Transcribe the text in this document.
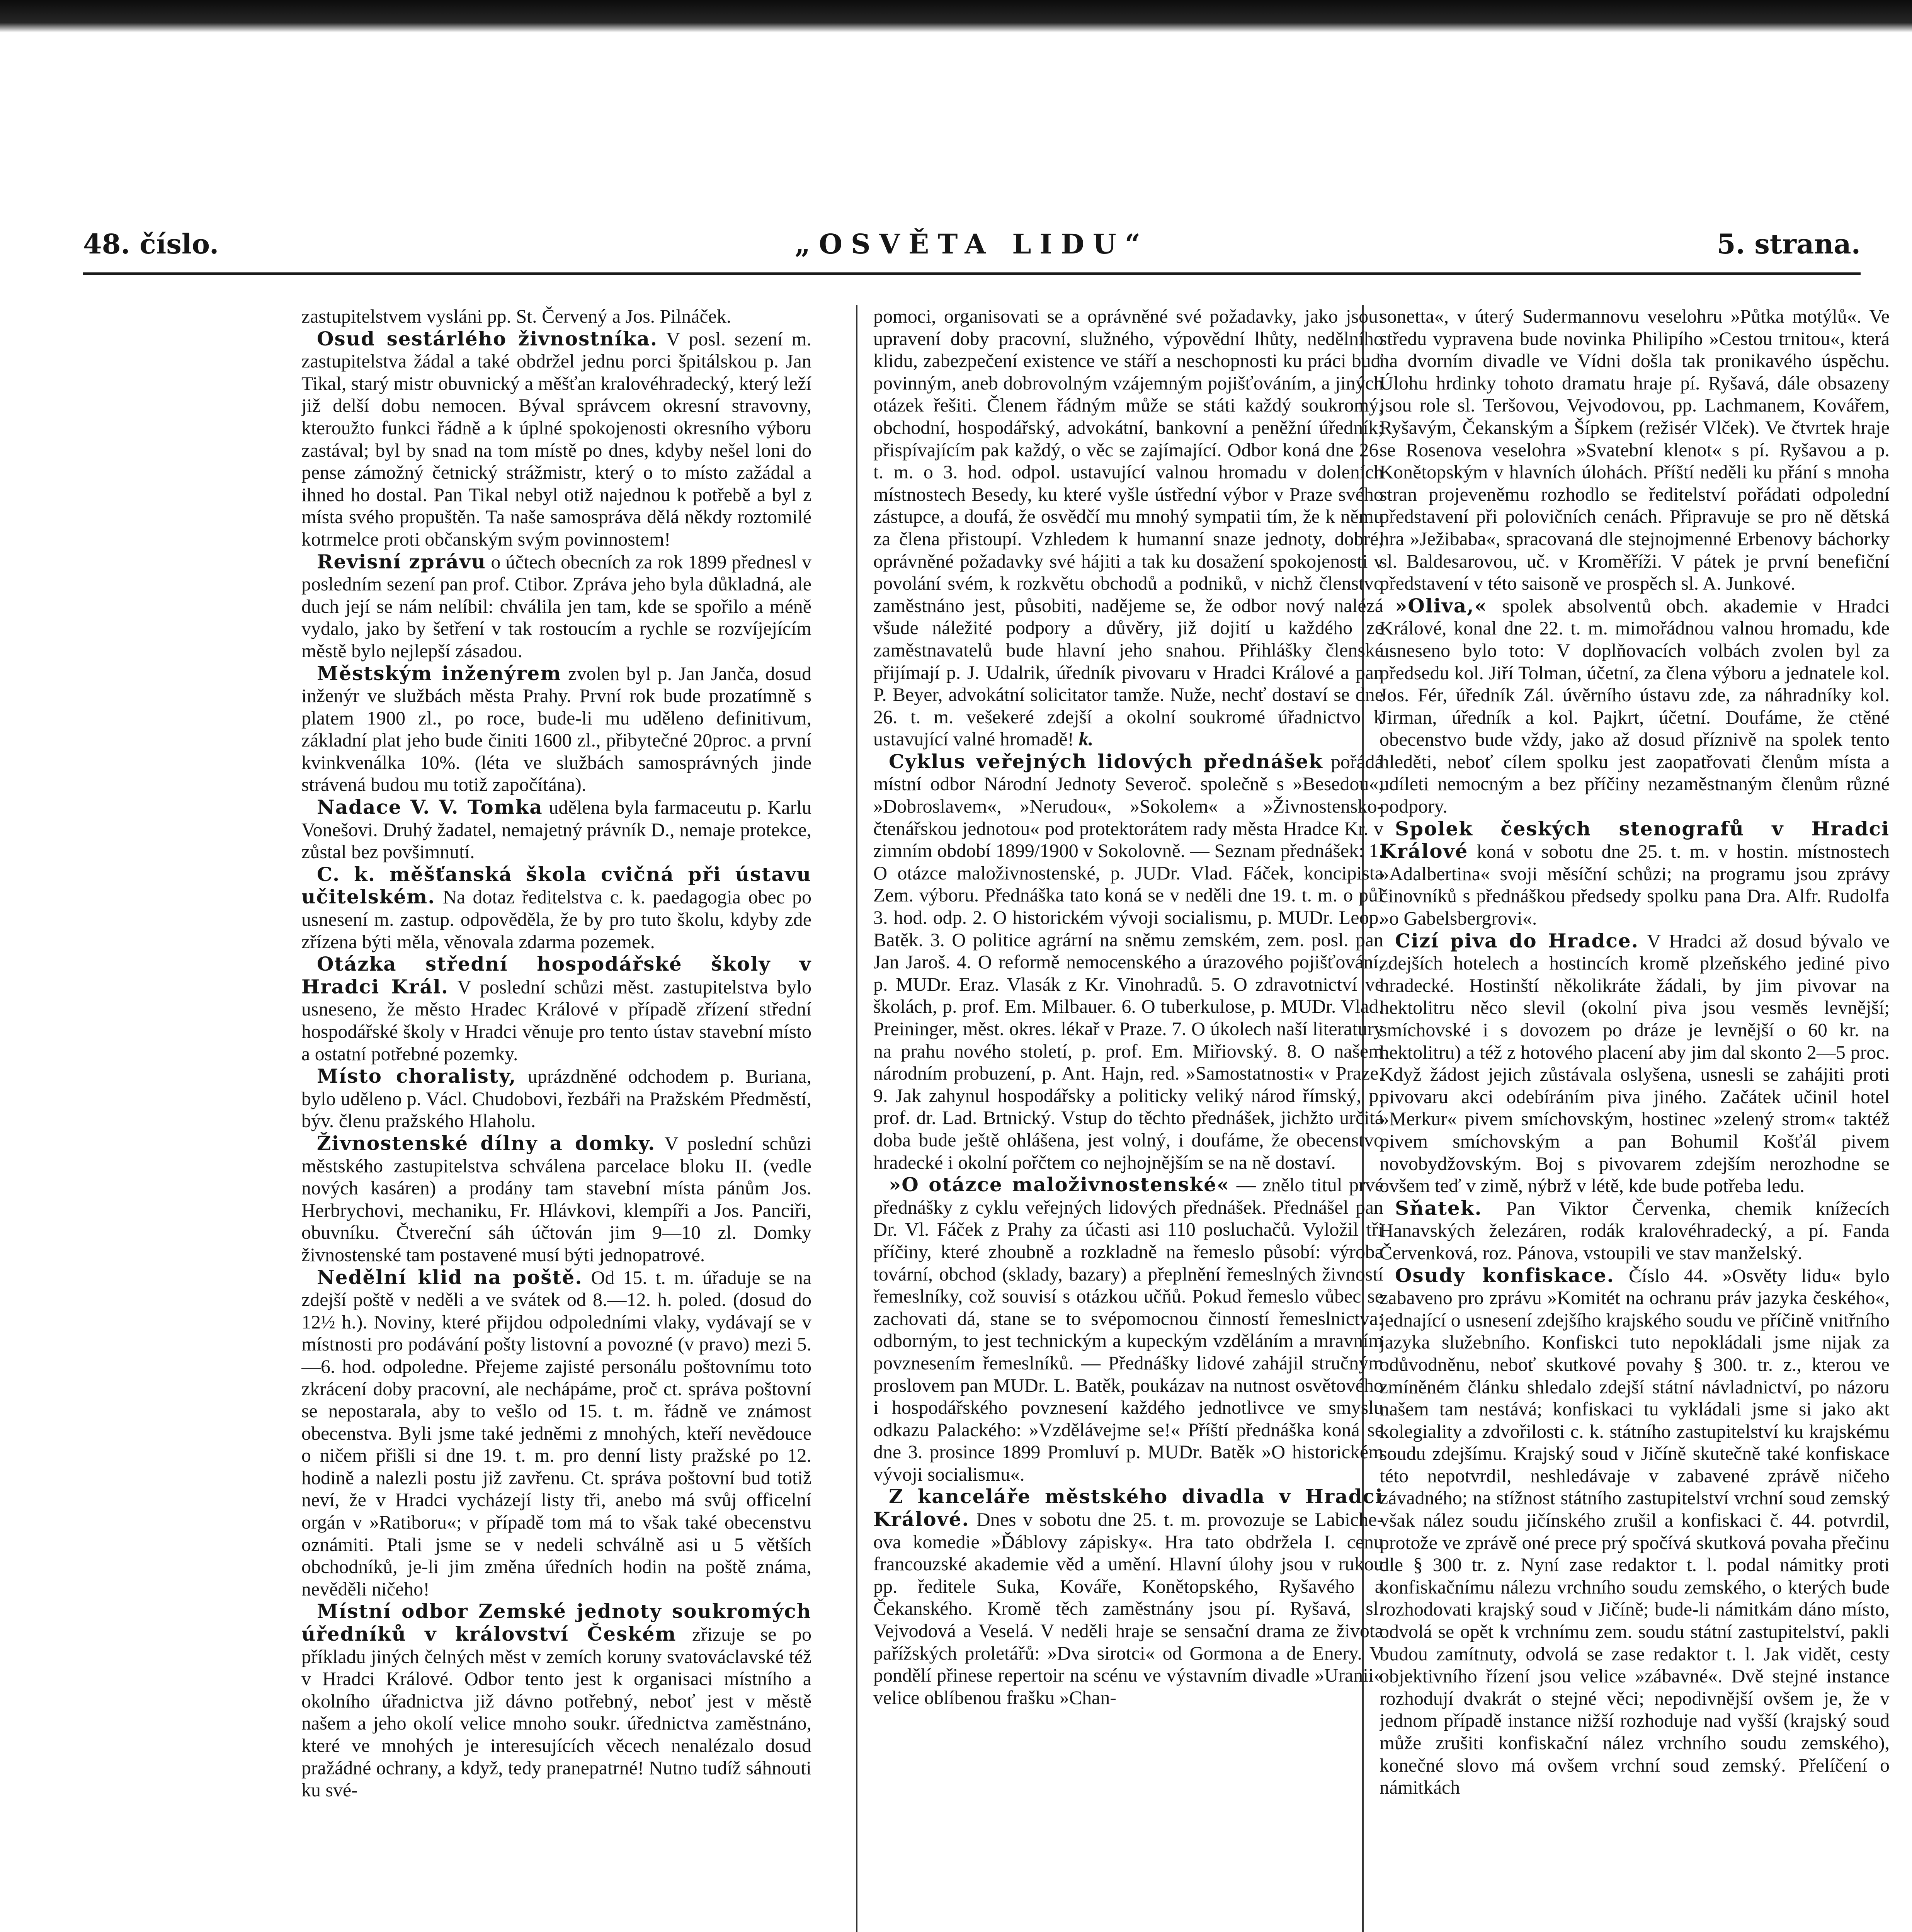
48. číslo.	„OSVĚTA LIDU“	5. strana.

zastupitelstvem vysláni pp. St. Červený a Jos. Pilnáček.

Osud sestárlého živnostníka. V posl. sezení m. zastupitelstva žádal a také obdržel jednu porci špitálskou p. Jan Tikal, starý mistr obuvnický a měšťan kralovéhradecký, který leží již delší dobu nemocen. Býval správcem okresní stravovny, kteroužto funkci řádně a k úplné spokojenosti okresního výboru zastával; byl by snad na tom místě po dnes, kdyby nešel loni do pense zámožný četnický strážmistr, který o to místo zažádal a ihned ho dostal. Pan Tikal nebyl otiž najednou k potřebě a byl z místa svého propuštěn. Ta naše samospráva dělá někdy roztomilé kotrmelce proti občanským svým povinnostem!

Revisní zprávu o účtech obecních za rok 1899 přednesl v posledním sezení pan prof. Ctibor. Zpráva jeho byla důkladná, ale duch její se nám nelíbil: chválila jen tam, kde se spořilo a méně vydalo, jako by šetření v tak rostoucím a rychle se rozvíjejícím městě bylo nejlepší zásadou.

Městským inženýrem zvolen byl p. Jan Janča, dosud inženýr ve službách města Prahy. První rok bude prozatímně s platem 1900 zl., po roce, bude-li mu uděleno definitivum, základní plat jeho bude činiti 1600 zl., přibytečné 20proc. a první kvinkvenálka 10%. (léta ve službách samosprávných jinde strávená budou mu totiž započítána).

Nadace V. V. Tomka udělena byla farmaceutu p. Karlu Vonešovi. Druhý žadatel, nemajetný právník D., nemaje protekce, zůstal bez povšimnutí.

C. k. měšťanská škola cvičná při ústavu učitelském. Na dotaz ředitelstva c. k. paedagogia obec po usnesení m. zastup. odpověděla, že by pro tuto školu, kdyby zde zřízena býti měla, věnovala zdarma pozemek.

Otázka střední hospodářské školy v Hradci Král. V poslední schůzi měst. zastupitelstva bylo usneseno, že město Hradec Králové v případě zřízení střední hospodářské školy v Hradci věnuje pro tento ústav stavební místo a ostatní potřebné pozemky.

Místo choralisty, uprázdněné odchodem p. Buriana, bylo uděleno p. Václ. Chudobovi, řezbáři na Pražském Předměstí, býv. členu pražského Hlaholu.

Živnostenské dílny a domky. V poslední schůzi městského zastupitelstva schválena parcelace bloku II. (vedle nových kasáren) a prodány tam stavební místa pánům Jos. Herbrychovi, mechaniku, Fr. Hlávkovi, klempíři a Jos. Panciři, obuvníku. Čtvereční sáh účtován jim 9—10 zl. Domky živnostenské tam postavené musí býti jednopatrové.

Nedělní klid na poště. Od 15. t. m. úřaduje se na zdejší poště v neděli a ve svátek od 8.—12. h. poled. (dosud do 12½ h.). Noviny, které přijdou odpoledními vlaky, vydávají se v místnosti pro podávání pošty listovní a povozné (v pravo) mezi 5.—6. hod. odpoledne. Přejeme zajisté personálu poštovnímu toto zkrácení doby pracovní, ale nechápáme, proč ct. správa poštovní se nepostarala, aby to vešlo od 15. t. m. řádně ve známost obecenstva. Byli jsme také jedněmi z mnohých, kteří nevědouce o ničem přišli si dne 19. t. m. pro denní listy pražské po 12. hodině a nalezli postu již zavřenu. Ct. správa poštovní bud totiž neví, že v Hradci vycházejí listy tři, anebo má svůj officelní orgán v »Ratiboru«; v případě tom má to však také obecenstvu oznámiti. Ptali jsme se v nedeli schválně asi u 5 větších obchodníků, je-li jim změna úředních hodin na poště známa, nevěděli ničeho!

Místní odbor Zemské jednoty soukromých úředníků v království Českém zřizuje se po příkladu jiných čelných měst v zemích koruny svatováclavské též v Hradci Králové. Odbor tento jest k organisaci místního a okolního úřadnictva již dávno potřebný, neboť jest v městě našem a jeho okolí velice mnoho soukr. úřednictva zaměstnáno, které ve mnohých je interesujících věcech nenalézalo dosud pražádné ochrany, a když, tedy pranepatrné! Nutno tudíž sáhnouti ku své-

pomoci, organisovati se a oprávněné své požadavky, jako jsou: upravení doby pracovní, služného, výpovědní lhůty, nedělního klidu, zabezpečení existence ve stáří a neschopnosti ku práci buď povinným, aneb dobrovolným vzájemným pojišťováním, a jiných otázek řešiti. Členem řádným může se státi každý soukromý, obchodní, hospodářský, advokátní, bankovní a peněžní úředník; přispívajícím pak každý, o věc se zajímající. Odbor koná dne 26. t. m. o 3. hod. odpol. ustavující valnou hromadu v doleních místnostech Besedy, ku které vyšle ústřední výbor v Praze svého zástupce, a doufá, že osvědčí mu mnohý sympatii tím, že k němu za člena přistoupí. Vzhledem k humanní snaze jednoty, dobré, oprávněné požadavky své hájiti a tak ku dosažení spokojenosti v povolání svém, k rozkvětu obchodů a podniků, v nichž členstvo zaměstnáno jest, působiti, nadějeme se, že odbor nový nalézá všude náležité podpory a důvěry, již dojití u každého ze zaměstnavatelů bude hlavní jeho snahou. Přihlášky členské přijímají p. J. Udalrik, úředník pivovaru v Hradci Králové a pan P. Beyer, advokátní solicitator tamže. Nuže, nechť dostaví se dne 26. t. m. vešekeré zdejší a okolní soukromé úřadnictvo k ustavující valné hromadě! k.

Cyklus veřejných lidových přednášek pořádá místní odbor Národní Jednoty Severoč. společně s »Besedou«, »Dobroslavem«, »Nerudou«, »Sokolem« a »Živnostensko-čtenářskou jednotou« pod protektorátem rady města Hradce Kr. v zimním období 1899/1900 v Sokolovně. — Seznam přednášek: 1. O otázce maloživnostenské, p. JUDr. Vlad. Fáček, koncipista Zem. výboru. Přednáška tato koná se v neděli dne 19. t. m. o půl 3. hod. odp. 2. O historickém vývoji socialismu, p. MUDr. Leop. Batěk. 3. O politice agrární na sněmu zemském, zem. posl. pan Jan Jaroš. 4. O reformě nemocenského a úrazového pojišťování, p. MUDr. Eraz. Vlasák z Kr. Vinohradů. 5. O zdravotnictví ve školách, p. prof. Em. Milbauer. 6. O tuberkulose, p. MUDr. Vlad. Preininger, měst. okres. lékař v Praze. 7. O úkolech naší literatury na prahu nového století, p. prof. Em. Miřiovský. 8. O našem národním probuzení, p. Ant. Hajn, red. »Samostatnosti« v Praze. 9. Jak zahynul hospodářsky a politicky veliký národ římský, p. prof. dr. Lad. Brtnický. Vstup do těchto přednášek, jichžto určitá doba bude ještě ohlášena, jest volný, i doufáme, že obecenstvo hradecké i okolní pořčtem co nejhojnějším se na ně dostaví.

»O otázce maloživnostenské« — znělo titul prvé přednášky z cyklu veřejných lidových přednášek. Přednášel pan Dr. Vl. Fáček z Prahy za účasti asi 110 posluchačů. Vyložil tři příčiny, které zhoubně a rozkladně na řemeslo působí: výroba tovární, obchod (sklady, bazary) a přeplnění řemeslných živností řemeslníky, což souvisí s otázkou učňů. Pokud řemeslo vůbec se zachovati dá, stane se to svépomocnou činností řemeslnictva: odborným, to jest technickým a kupeckým vzděláním a mravním povznesením řemeslníků. — Přednášky lidové zahájil stručným proslovem pan MUDr. L. Batěk, poukázav na nutnost osvětového i hospodářského povznesení každého jednotlivce ve smyslu odkazu Palackého: »Vzdělávejme se!« Příští přednáška koná se dne 3. prosince 1899 Promluví p. MUDr. Batěk »O historickém vývoji socialismu«.

Z kanceláře městského divadla v Hradci Králové. Dnes v sobotu dne 25. t. m. provozuje se Labiche-ova komedie »Ďáblovy zápisky«. Hra tato obdržela I. cenu francouzské akademie věd a umění. Hlavní úlohy jsou v rukou pp. ředitele Suka, Kováře, Konětopského, Ryšavého a Čekanského. Kromě těch zaměstnány jsou pí. Ryšavá, sl. Vejvodová a Veselá. V neděli hraje se sensační drama ze života pařížských proletářů: »Dva sirotci« od Gormona a de Enery. V pondělí přinese repertoir na scénu ve výstavním divadle »Uranii« velice oblíbenou frašku »Chan-

sonetta«, v úterý Sudermannovu veselohru »Půtka motýlů«. Ve středu vypravena bude novinka Philipího »Cestou trnitou«, která na dvorním divadle ve Vídni došla tak pronikavého úspěchu. Úlohu hrdinky tohoto dramatu hraje pí. Ryšavá, dále obsazeny jsou role sl. Teršovou, Vejvodovou, pp. Lachmanem, Kovářem, Ryšavým, Čekanským a Šípkem (režisér Vlček). Ve čtvrtek hraje se Rosenova veselohra »Svatební klenot« s pí. Ryšavou a p. Konětopským v hlavních úlohách. Příští neděli ku přání s mnoha stran projeveněmu rozhodlo se ředitelství pořádati odpolední představení při polovičních cenách. Připravuje se pro ně dětská hra »Ježibaba«, spracovaná dle stejnojmenné Erbenovy báchorky sl. Baldesarovou, uč. v Kroměříži. V pátek je první benefiční představení v této saisoně ve prospěch sl. A. Junkové.

»Oliva,« spolek absolventů obch. akademie v Hradci Králové, konal dne 22. t. m. mimořádnou valnou hromadu, kde usneseno bylo toto: V doplňovacích volbách zvolen byl za předsedu kol. Jiří Tolman, účetní, za člena výboru a jednatele kol. Jos. Fér, úředník Zál. úvěrního ústavu zde, za náhradníky kol. Jirman, úředník a kol. Pajkrt, účetní. Doufáme, že ctěné obecenstvo bude vždy, jako až dosud příznivě na spolek tento hleděti, neboť cílem spolku jest zaopatřovati členům místa a udíleti nemocným a bez příčiny nezaměstnaným členům různé podpory.

Spolek českých stenografů v Hradci Králové koná v sobotu dne 25. t. m. v hostin. místnostech »Adalbertina« svoji měsíční schůzi; na programu jsou zprávy činovníků s přednáškou předsedy spolku pana Dra. Alfr. Rudolfa »o Gabelsbergrovi«.

Cizí piva do Hradce. V Hradci až dosud bývalo ve zdejších hotelech a hostincích kromě plzeňského jediné pivo hradecké. Hostinští několikráte žádali, by jim pivovar na hektolitru něco slevil (okolní piva jsou vesměs levnější; smíchovské i s dovozem po dráze je levnější o 60 kr. na hektolitru) a též z hotového placení aby jim dal skonto 2—5 proc. Když žádost jejich zůstávala oslyšena, usnesli se zahájiti proti pivovaru akci odebíráním piva jiného. Začátek učinil hotel »Merkur« pivem smíchovským, hostinec »zelený strom« taktéž pivem smíchovským a pan Bohumil Košťál pivem novobydžovským. Boj s pivovarem zdejším nerozhodne se ovšem teď v zimě, nýbrž v létě, kde bude potřeba ledu.

Sňatek. Pan Viktor Červenka, chemik knížecích Hanavských železáren, rodák kralovéhradecký, a pí. Fanda Červenková, roz. Pánova, vstoupili ve stav manželský.

Osudy konfiskace. Číslo 44. »Osvěty lidu« bylo zabaveno pro zprávu »Komitét na ochranu práv jazyka českého«, jednající o usnesení zdejšího krajského soudu ve příčině vnitřního jazyka služebního. Konfiskci tuto nepokládali jsme nijak za odůvodněnu, neboť skutkové povahy § 300. tr. z., kterou ve zmíněném článku shledalo zdejší státní návladnictví, po názoru našem tam nestává; konfiskaci tu vykládali jsme si jako akt kolegiality a zdvořilosti c. k. státního zastupitelství ku krajskému soudu zdejšímu. Krajský soud v Jičíně skutečně také konfiskace této nepotvrdil, neshledávaje v zabavené zprávě ničeho závadného; na stížnost státního zastupitelství vrchní soud zemský však nález soudu jičínského zrušil a konfiskaci č. 44. potvrdil, protože ve zprávě oné prece prý spočívá skutková povaha přečinu dle § 300 tr. z. Nyní zase redaktor t. l. podal námitky proti konfiskačnímu nálezu vrchního soudu zemského, o kterých bude rozhodovati krajský soud v Jičíně; bude-li námitkám dáno místo, odvolá se opět k vrchnímu zem. soudu státní zastupitelství, pakli budou zamítnuty, odvolá se zase redaktor t. l. Jak vidět, cesty objektivního řízení jsou velice »zábavné«. Dvě stejné instance rozhodují dvakrát o stejné věci; nepodivnější ovšem je, že v jednom případě instance nižší rozhoduje nad vyšší (krajský soud může zrušiti konfiskační nález vrchního soudu zemského), konečné slovo má ovšem vrchní soud zemský. Přelíčení o námitkách
